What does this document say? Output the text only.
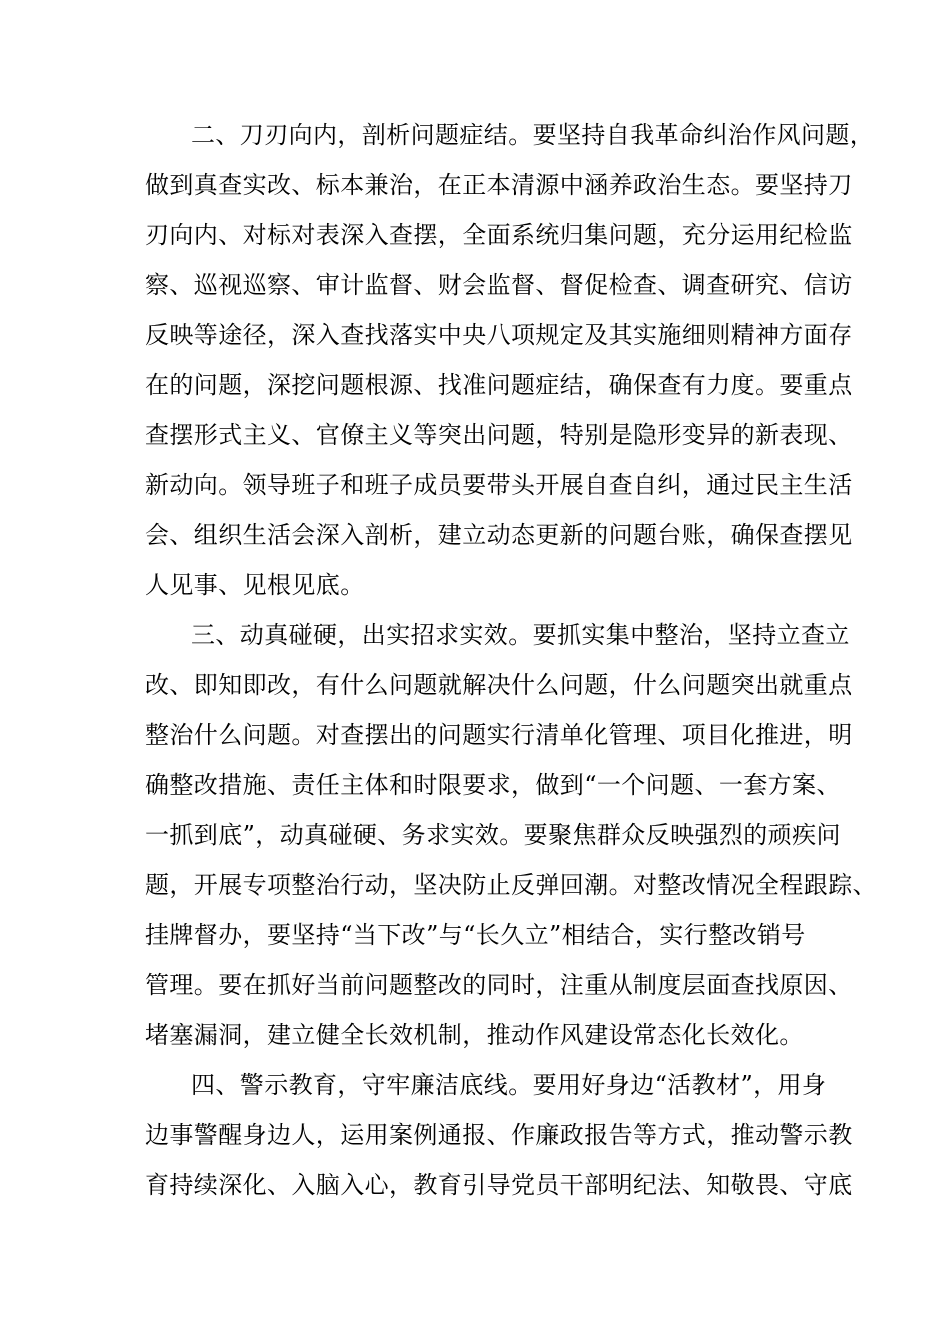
二、刀刃向内，剖析问题症结。要坚持自我革命纠治作风问题，
做到真查实改、标本兼治，在正本清源中涵养政治生态。要坚持刀
刃向内、对标对表深入查摆，全面系统归集问题，充分运用纪检监
察、巡视巡察、审计监督、财会监督、督促检查、调查研究、信访
反映等途径，深入查找落实中央八项规定及其实施细则精神方面存
在的问题，深挖问题根源、找准问题症结，确保查有力度。要重点
查摆形式主义、官僚主义等突出问题，特别是隐形变异的新表现、
新动向。领导班子和班子成员要带头开展自查自纠，通过民主生活
会、组织生活会深入剖析，建立动态更新的问题台账，确保查摆见
人见事、见根见底。
三、动真碰硬，出实招求实效。要抓实集中整治，坚持立查立
改、即知即改，有什么问题就解决什么问题，什么问题突出就重点
整治什么问题。对查摆出的问题实行清单化管理、项目化推进，明
确整改措施、责任主体和时限要求，做到“一个问题、一套方案、
一抓到底”，动真碰硬、务求实效。要聚焦群众反映强烈的顽疾问
题，开展专项整治行动，坚决防止反弹回潮。对整改情况全程跟踪、
挂牌督办，要坚持“当下改”与“长久立”相结合，实行整改销号
管理。要在抓好当前问题整改的同时，注重从制度层面查找原因、
堵塞漏洞，建立健全长效机制，推动作风建设常态化长效化。
四、警示教育，守牢廉洁底线。要用好身边“活教材”，用身
边事警醒身边人，运用案例通报、作廉政报告等方式，推动警示教
育持续深化、入脑入心，教育引导党员干部明纪法、知敬畏、守底
